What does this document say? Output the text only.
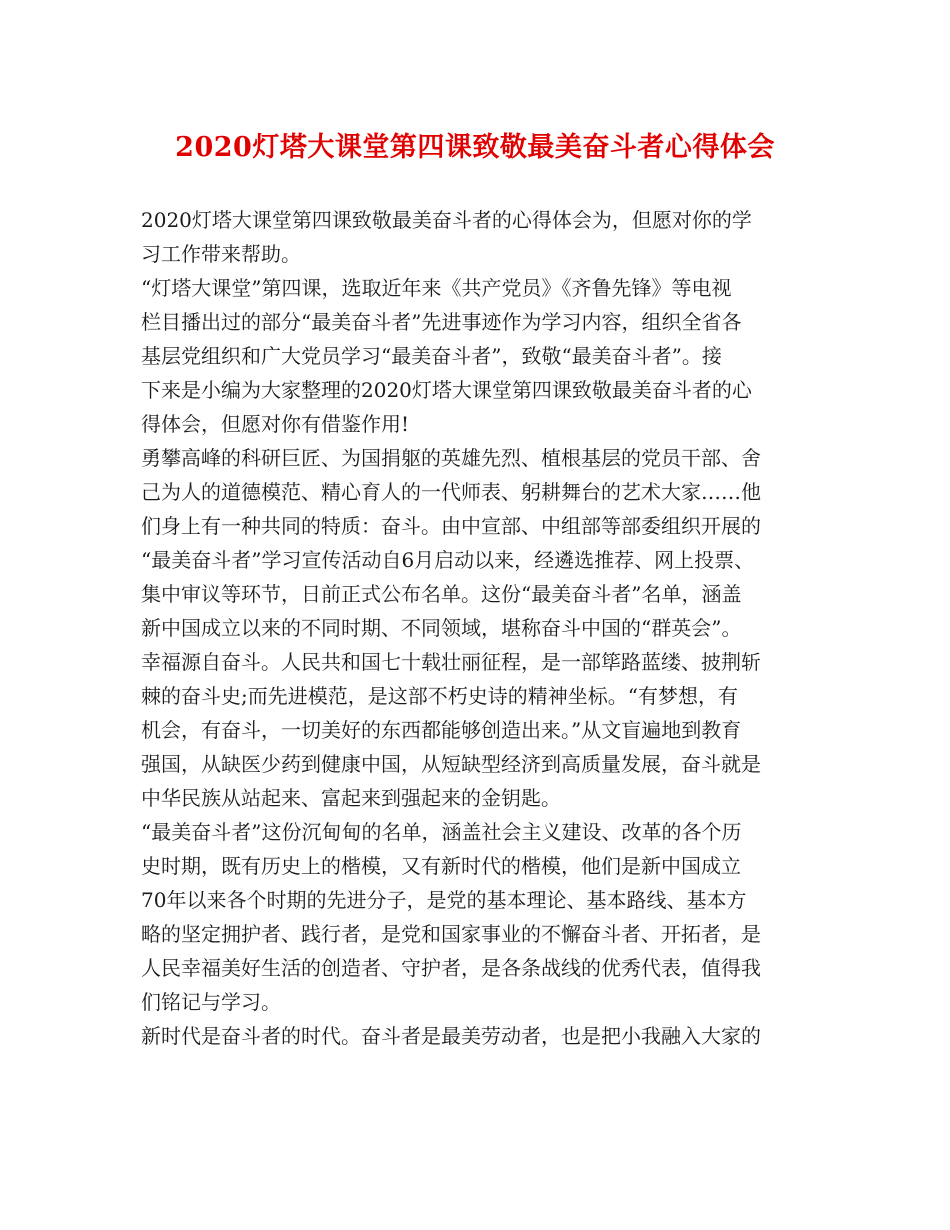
2020灯塔大课堂第四课致敬最美奋斗者心得体会
2020灯塔大课堂第四课致敬最美奋斗者的心得体会为，但愿对你的学
习工作带来帮助。
“灯塔大课堂”第四课，选取近年来《共产党员》《齐鲁先锋》等电视
栏目播出过的部分“最美奋斗者”先进事迹作为学习内容，组织全省各
基层党组织和广大党员学习“最美奋斗者”，致敬“最美奋斗者”。接
下来是小编为大家整理的2020灯塔大课堂第四课致敬最美奋斗者的心
得体会，但愿对你有借鉴作用!
勇攀高峰的科研巨匠、为国捐躯的英雄先烈、植根基层的党员干部、舍
己为人的道德模范、精心育人的一代师表、躬耕舞台的艺术大家……他
们身上有一种共同的特质：奋斗。由中宣部、中组部等部委组织开展的
“最美奋斗者”学习宣传活动自6月启动以来，经遴选推荐、网上投票、
集中审议等环节，日前正式公布名单。这份“最美奋斗者”名单，涵盖
新中国成立以来的不同时期、不同领域，堪称奋斗中国的“群英会”。
幸福源自奋斗。人民共和国七十载壮丽征程，是一部筚路蓝缕、披荆斩
棘的奋斗史;而先进模范，是这部不朽史诗的精神坐标。“有梦想，有
机会，有奋斗，一切美好的东西都能够创造出来。”从文盲遍地到教育
强国，从缺医少药到健康中国，从短缺型经济到高质量发展，奋斗就是
中华民族从站起来、富起来到强起来的金钥匙。
“最美奋斗者”这份沉甸甸的名单，涵盖社会主义建设、改革的各个历
史时期，既有历史上的楷模，又有新时代的楷模，他们是新中国成立
70年以来各个时期的先进分子，是党的基本理论、基本路线、基本方
略的坚定拥护者、践行者，是党和国家事业的不懈奋斗者、开拓者，是
人民幸福美好生活的创造者、守护者，是各条战线的优秀代表，值得我
们铭记与学习。
新时代是奋斗者的时代。奋斗者是最美劳动者，也是把小我融入大家的
